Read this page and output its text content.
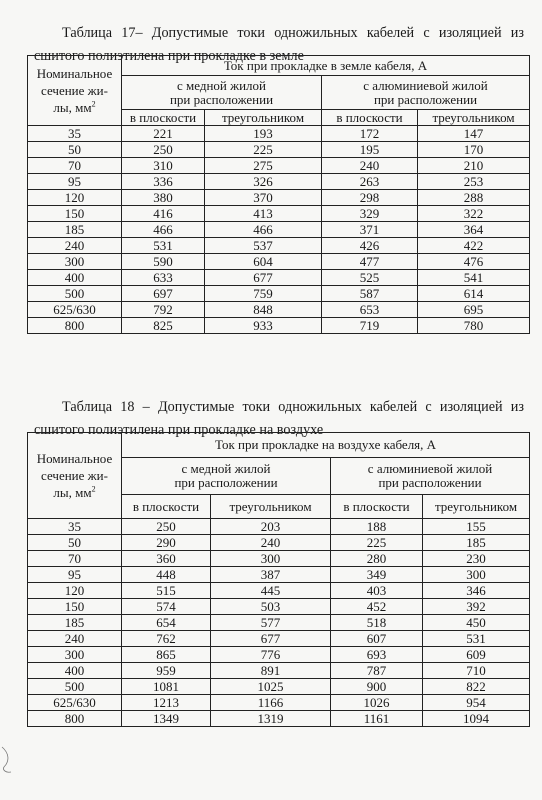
Таблица 17– Допустимые токи одножильных кабелей с изоляцией из сшитого полиэтилена при прокладке в земле

Номинальное
сечение жи-
лы, $мм^2$	Ток при прокладке в земле кабеля, А			

	с медной жилой
при расположении		с алюминиевой жилой
при расположении	

	в плоскости	треугольником	в плоскости	треугольником
35	221	193	172	147
50	250	225	195	170
70	310	275	240	210
95	336	326	263	253
120	380	370	298	288
150	416	413	329	322
185	466	466	371	364
240	531	537	426	422
300	590	604	477	476
400	633	677	525	541
500	697	759	587	614
625/630	792	848	653	695
800	825	933	719	780

Таблица 18 – Допустимые токи одножильных кабелей с изоляцией из сшитого полиэтилена при прокладке на воздухе

Номинальное
сечение жи-
лы, $мм^2$	Ток при прокладке на воздухе кабеля, А			

	с медной жилой
при расположении		с алюминиевой жилой
при расположении	

	в плоскости	треугольником	в плоскости	треугольником
35	250	203	188	155
50	290	240	225	185
70	360	300	280	230
95	448	387	349	300
120	515	445	403	346
150	574	503	452	392
185	654	577	518	450
240	762	677	607	531
300	865	776	693	609
400	959	891	787	710
500	1081	1025	900	822
625/630	1213	1166	1026	954
800	1349	1319	1161	1094
